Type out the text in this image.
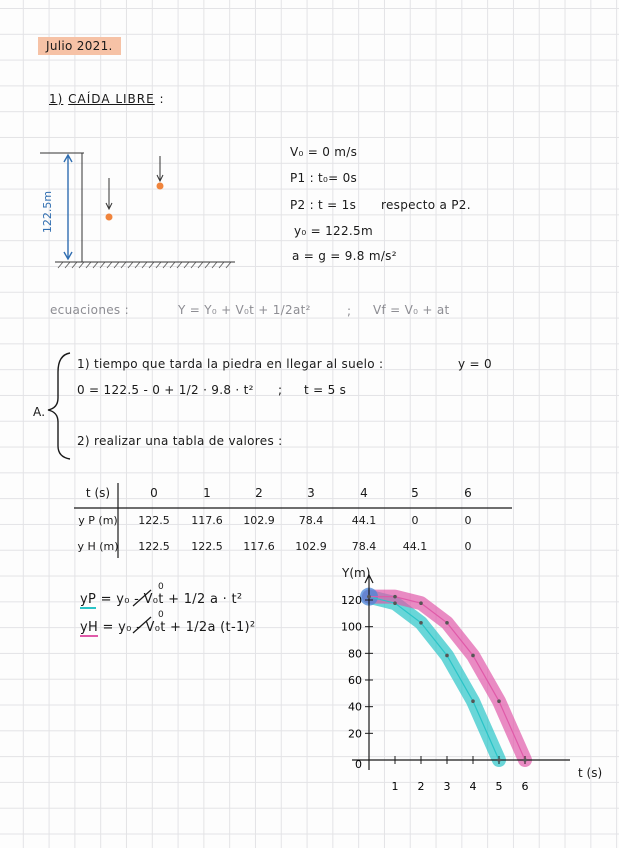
Julio 2021.
1) CAÍDA LIBRE :
122.5m
V₀ = 0 m/s
P1 : t₀= 0s
P2 : t = 1s respecto a P2.
y₀ = 122.5m
a = g = 9.8 m/s²
ecuaciones :	Y = Y₀ + V₀t + 1/2at²	; Vf = V₀ + at
A.
1) tiempo que tarda la piedra en llegar al suelo :	y = 0
0 = 122.5 - 0 + 1/2 · 9.8 · t² ; t = 5 s
2) realizar una tabla de valores :
t (s)	0	1	2	3	4	5	6
y P (m)	122.5	117.6	102.9	78.4	44.1	0	0
y H (m)	122.5	122.5	117.6	102.9	78.4	44.1	0
yP = y₀ - V₀t + 1/2 a · t²
yH = y₀ - V₀t + 1/2a (t-1)²
0
0
0
20
40
60
80
100
120
1 2 3 4 5 6
Y(m)
t (s)
